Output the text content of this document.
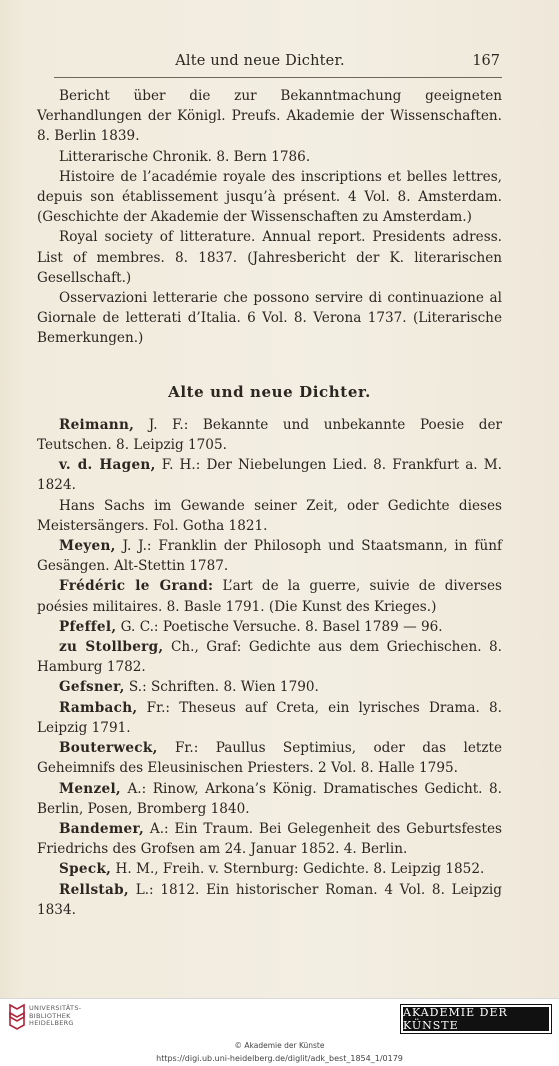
Alte und neue Dichter.	167

Bericht über die zur Bekanntmachung geeigneten Verhandlungen der Königl. Preufs. Akademie der Wissenschaften. 8. Berlin 1839.

Litterarische Chronik. 8. Bern 1786.

Histoire de l’académie royale des inscriptions et belles lettres, depuis son établissement jusqu’à présent. 4 Vol. 8. Amsterdam. (Geschichte der Akademie der Wissenschaften zu Amsterdam.)

Royal society of litterature. Annual report. Presidents adress. List of membres. 8. 1837. (Jahresbericht der K. literarischen Gesellschaft.)

Osservazioni letterarie che possono servire di continuazione al Giornale de letterati d’Italia. 6 Vol. 8. Verona 1737. (Literarische Bemerkungen.)

Alte und neue Dichter.

Reimann, J. F.: Bekannte und unbekannte Poesie der Teutschen. 8. Leipzig 1705.

v. d. Hagen, F. H.: Der Niebelungen Lied. 8. Frankfurt a. M. 1824.

Hans Sachs im Gewande seiner Zeit, oder Gedichte dieses Meistersängers. Fol. Gotha 1821.

Meyen, J. J.: Franklin der Philosoph und Staatsmann, in fünf Gesängen. Alt-Stettin 1787.

Frédéric le Grand: L’art de la guerre, suivie de diverses poésies militaires. 8. Basle 1791. (Die Kunst des Krieges.)

Pfeffel, G. C.: Poetische Versuche. 8. Basel 1789 — 96.

zu Stollberg, Ch., Graf: Gedichte aus dem Griechischen. 8. Hamburg 1782.

Gefsner, S.: Schriften. 8. Wien 1790.

Rambach, Fr.: Theseus auf Creta, ein lyrisches Drama. 8. Leipzig 1791.

Bouterweck, Fr.: Paullus Septimius, oder das letzte Geheimnifs des Eleusinischen Priesters. 2 Vol. 8. Halle 1795.

Menzel, A.: Rinow, Arkona’s König. Dramatisches Gedicht. 8. Berlin, Posen, Bromberg 1840.

Bandemer, A.: Ein Traum. Bei Gelegenheit des Geburtsfestes Friedrichs des Grofsen am 24. Januar 1852. 4. Berlin.

Speck, H. M., Freih. v. Sternburg: Gedichte. 8. Leipzig 1852.

Rellstab, L.: 1812. Ein historischer Roman. 4 Vol. 8. Leipzig 1834.

UNIVERSITÄTS-
BIBLIOTHEK
HEIDELBERG
AKADEMIE DER KÜNSTE
© Akademie der Künste
https://digi.ub.uni-heidelberg.de/diglit/adk_best_1854_1/0179
